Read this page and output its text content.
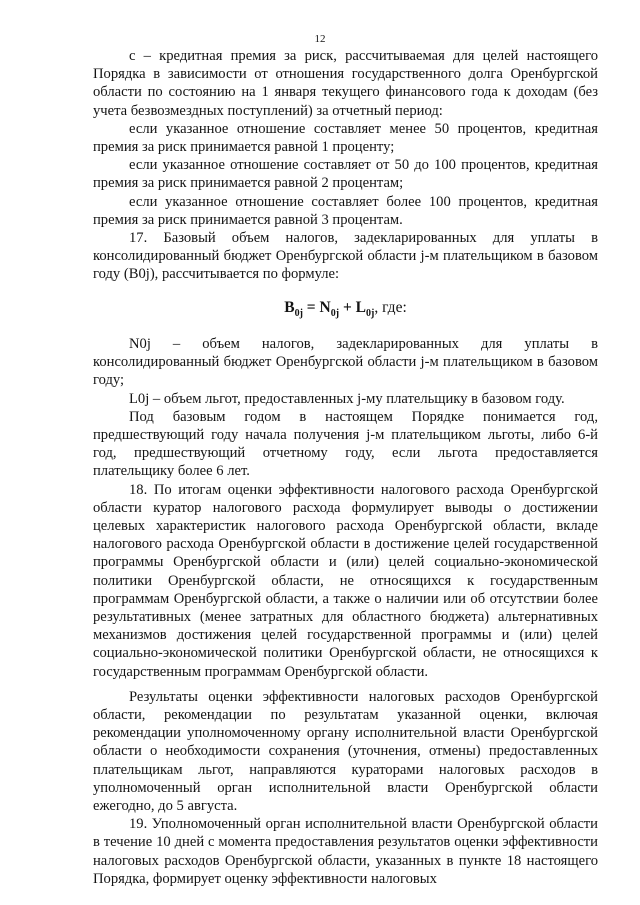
12

c – кредитная премия за риск, рассчитываемая для целей настоящего Порядка в зависимости от отношения государственного долга Оренбургской области по состоянию на 1 января текущего финансового года к доходам (без учета безвозмездных поступлений) за отчетный период:

если указанное отношение составляет менее 50 процентов, кредитная премия за риск принимается равной 1 проценту;

если указанное отношение составляет от 50 до 100 процентов, кредитная премия за риск принимается равной 2 процентам;

если указанное отношение составляет более 100 процентов, кредитная премия за риск принимается равной 3 процентам.

17. Базовый объем налогов, задекларированных для уплаты в консолидированный бюджет Оренбургской области j-м плательщиком в базовом году (B0j), рассчитывается по формуле:

$B_{0j} = N_{0j} + L_{0j}$, где:

N0j – объем налогов, задекларированных для уплаты в консолидированный бюджет Оренбургской области j-м плательщиком в базовом году;

L0j – объем льгот, предоставленных j-му плательщику в базовом году.

Под базовым годом в настоящем Порядке понимается год, предшествующий году начала получения j-м плательщиком льготы, либо 6-й год, предшествующий отчетному году, если льгота предоставляется плательщику более 6 лет.

18. По итогам оценки эффективности налогового расхода Оренбургской области куратор налогового расхода формулирует выводы о достижении целевых характеристик налогового расхода Оренбургской области, вкладе налогового расхода Оренбургской области в достижение целей государственной программы Оренбургской области и (или) целей социально-экономической политики Оренбургской области, не относящихся к государственным программам Оренбургской области, а также о наличии или об отсутствии более результативных (менее затратных для областного бюджета) альтернативных механизмов достижения целей государственной программы и (или) целей социально-экономической политики Оренбургской области, не относящихся к государственным программам Оренбургской области.

Результаты оценки эффективности налоговых расходов Оренбургской области, рекомендации по результатам указанной оценки, включая рекомендации уполномоченному органу исполнительной власти Оренбургской области о необходимости сохранения (уточнения, отмены) предоставленных плательщикам льгот, направляются кураторами налоговых расходов в уполномоченный орган исполнительной власти Оренбургской области ежегодно, до 5 августа.

19. Уполномоченный орган исполнительной власти Оренбургской области в течение 10 дней с момента предоставления результатов оценки эффективности налоговых расходов Оренбургской области, указанных в пункте 18 настоящего Порядка, формирует оценку эффективности налоговых
